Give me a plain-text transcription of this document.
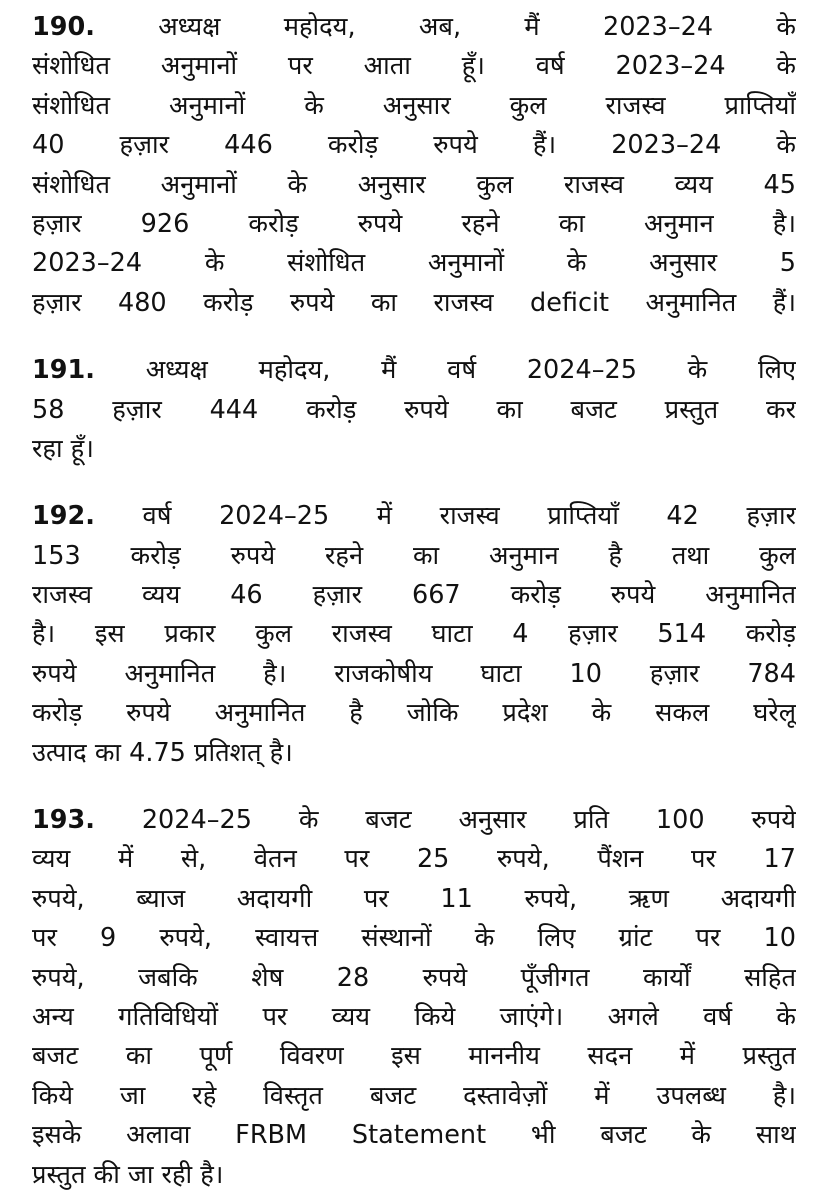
190. अध्यक्ष महोदय, अब, मैं 2023–24 के
संशोधित अनुमानों पर आता हूँ। वर्ष 2023–24 के
संशोधित अनुमानों के अनुसार कुल राजस्व प्राप्तियाँ
40 हज़ार 446 करोड़ रुपये हैं। 2023–24 के
संशोधित अनुमानों के अनुसार कुल राजस्व व्यय 45
हज़ार 926 करोड़ रुपये रहने का अनुमान है।
2023–24 के संशोधित अनुमानों के अनुसार 5
हज़ार 480 करोड़ रुपये का राजस्व deficit अनुमानित हैं।
191. अध्यक्ष महोदय, मैं वर्ष 2024–25 के लिए
58 हज़ार 444 करोड़ रुपये का बजट प्रस्तुत कर
रहा हूँ।
192. वर्ष 2024–25 में राजस्व प्राप्तियाँ 42 हज़ार
153 करोड़ रुपये रहने का अनुमान है तथा कुल
राजस्व व्यय 46 हज़ार 667 करोड़ रुपये अनुमानित
है। इस प्रकार कुल राजस्व घाटा 4 हज़ार 514 करोड़
रुपये अनुमानित है। राजकोषीय घाटा 10 हज़ार 784
करोड़ रुपये अनुमानित है जोकि प्रदेश के सकल घरेलू
उत्पाद का 4.75 प्रतिशत् है।
193. 2024–25 के बजट अनुसार प्रति 100 रुपये
व्यय में से, वेतन पर 25 रुपये, पैंशन पर 17
रुपये, ब्याज अदायगी पर 11 रुपये, ऋण अदायगी
पर 9 रुपये, स्वायत्त संस्थानों के लिए ग्रांट पर 10
रुपये, जबकि शेष 28 रुपये पूँजीगत कार्यों सहित
अन्य गतिविधियों पर व्यय किये जाएंगे। अगले वर्ष के
बजट का पूर्ण विवरण इस माननीय सदन में प्रस्तुत
किये जा रहे विस्तृत बजट दस्तावेज़ों में उपलब्ध है।
इसके अलावा FRBM Statement भी बजट के साथ
प्रस्तुत की जा रही है।
